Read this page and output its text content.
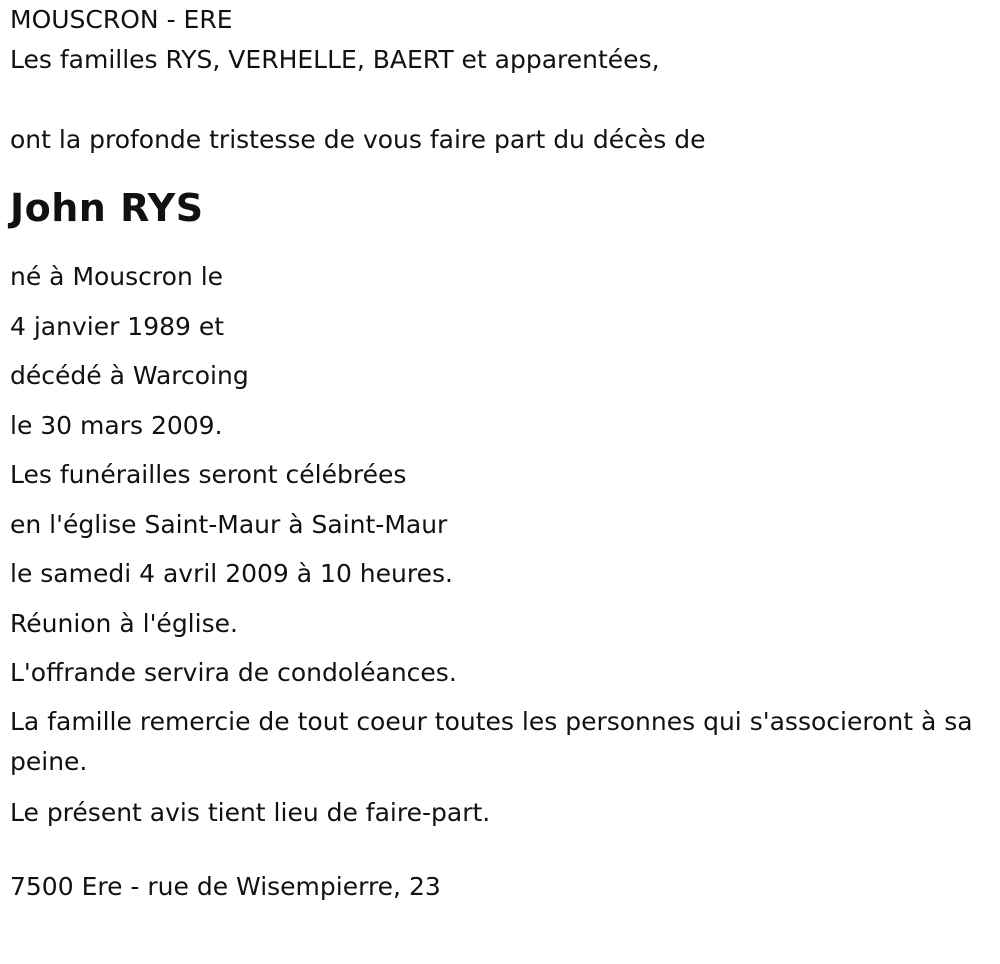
MOUSCRON - ERE
Les familles RYS, VERHELLE, BAERT et apparentées,
ont la profonde tristesse de vous faire part du décès de
John RYS
né à Mouscron le
4 janvier 1989 et
décédé à Warcoing
le 30 mars 2009.
Les funérailles seront célébrées
en l'église Saint-Maur à Saint-Maur
le samedi 4 avril 2009 à 10 heures.
Réunion à l'église.
L'offrande servira de condoléances.
La famille remercie de tout coeur toutes les personnes qui s'associeront à sa peine.
Le présent avis tient lieu de faire-part.
7500 Ere - rue de Wisempierre, 23
